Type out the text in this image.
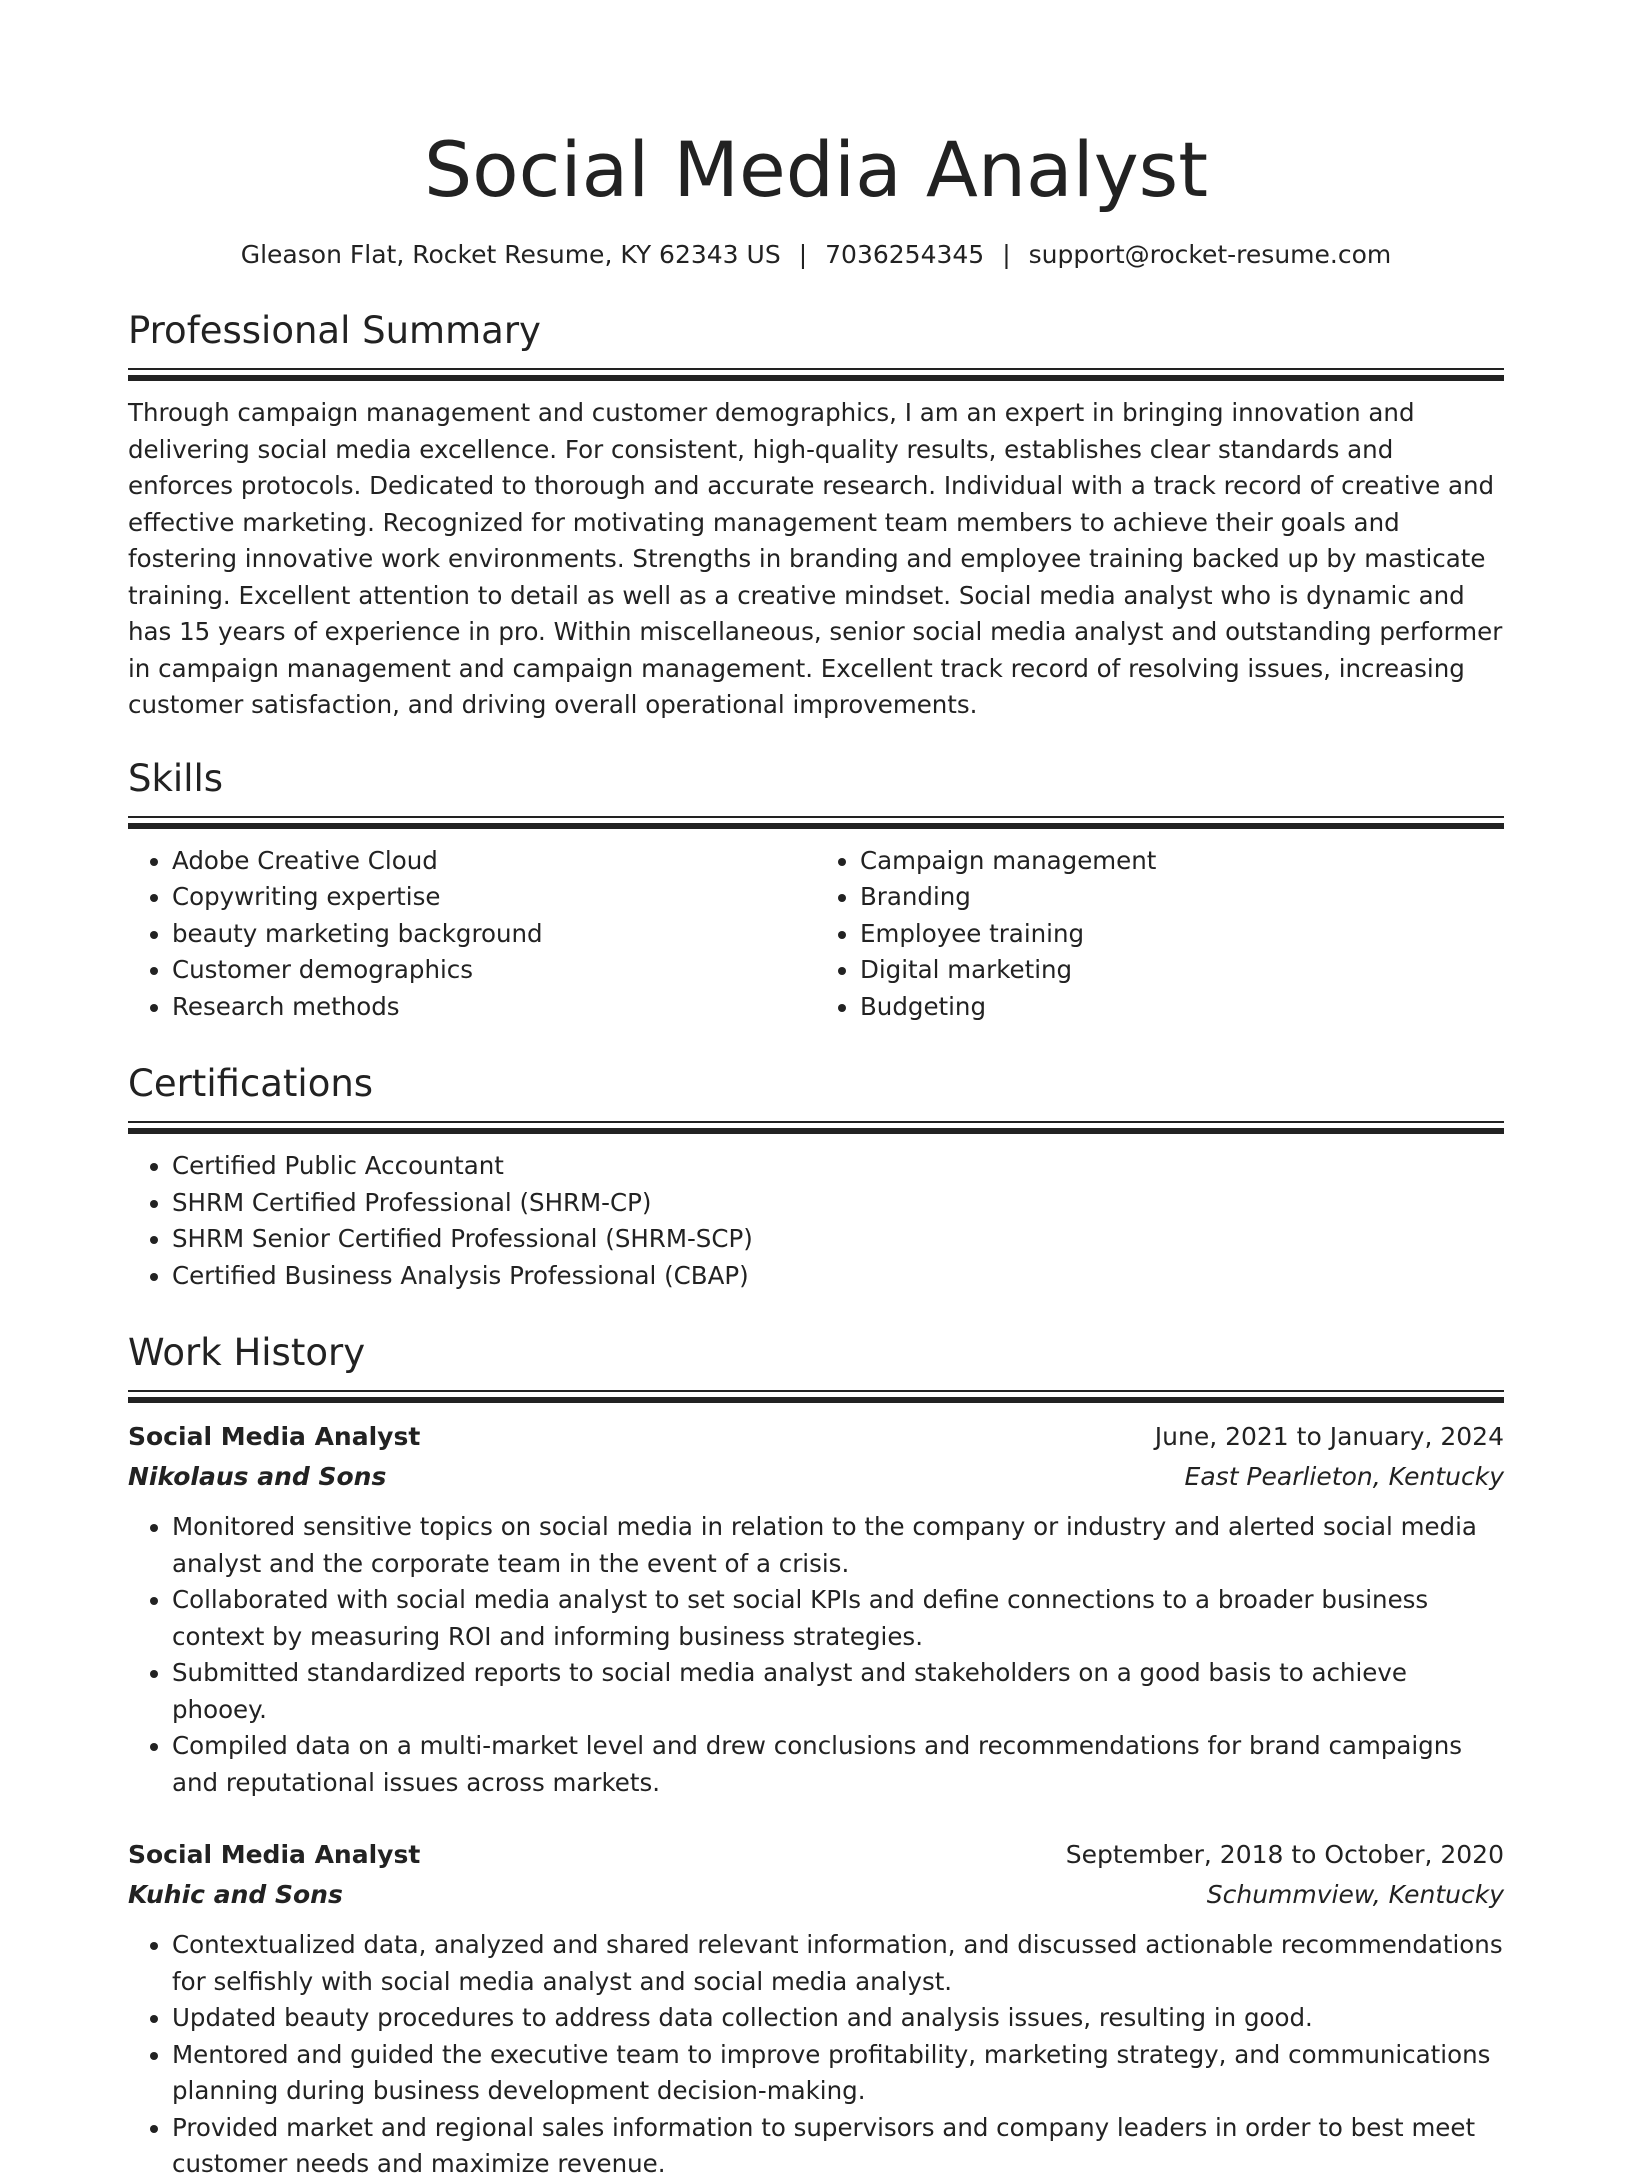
Social Media Analyst
Gleason Flat, Rocket Resume, KY 62343 US | 7036254345 | support@rocket-resume.com
Professional Summary

Through campaign management and customer demographics, I am an expert in bringing innovation and delivering social media excellence. For consistent, high-quality results, establishes clear standards and enforces protocols. Dedicated to thorough and accurate research. Individual with a track record of creative and effective marketing. Recognized for motivating management team members to achieve their goals and fostering innovative work environments. Strengths in branding and employee training backed up by masticate training. Excellent attention to detail as well as a creative mindset. Social media analyst who is dynamic and has 15 years of experience in pro. Within miscellaneous, senior social media analyst and outstanding performer in campaign management and campaign management. Excellent track record of resolving issues, increasing customer satisfaction, and driving overall operational improvements.

Skills
• Adobe Creative Cloud
• Copywriting expertise
• beauty marketing background
• Customer demographics
• Research methods
• Campaign management
• Branding
• Employee training
• Digital marketing
• Budgeting
Certifications
• Certified Public Accountant
• SHRM Certified Professional (SHRM-CP)
• SHRM Senior Certified Professional (SHRM-SCP)
• Certified Business Analysis Professional (CBAP)
Work History
Social Media Analyst	June, 2021 to January, 2024
Nikolaus and Sons	East Pearlieton, Kentucky
• Monitored sensitive topics on social media in relation to the company or industry and alerted social media analyst and the corporate team in the event of a crisis.
• Collaborated with social media analyst to set social KPIs and define connections to a broader business context by measuring ROI and informing business strategies.
• Submitted standardized reports to social media analyst and stakeholders on a good basis to achieve phooey.
• Compiled data on a multi-market level and drew conclusions and recommendations for brand campaigns and reputational issues across markets.
Social Media Analyst	September, 2018 to October, 2020
Kuhic and Sons	Schummview, Kentucky
• Contextualized data, analyzed and shared relevant information, and discussed actionable recommendations for selfishly with social media analyst and social media analyst.
• Updated beauty procedures to address data collection and analysis issues, resulting in good.
• Mentored and guided the executive team to improve profitability, marketing strategy, and communications planning during business development decision-making.
• Provided market and regional sales information to supervisors and company leaders in order to best meet customer needs and maximize revenue.
